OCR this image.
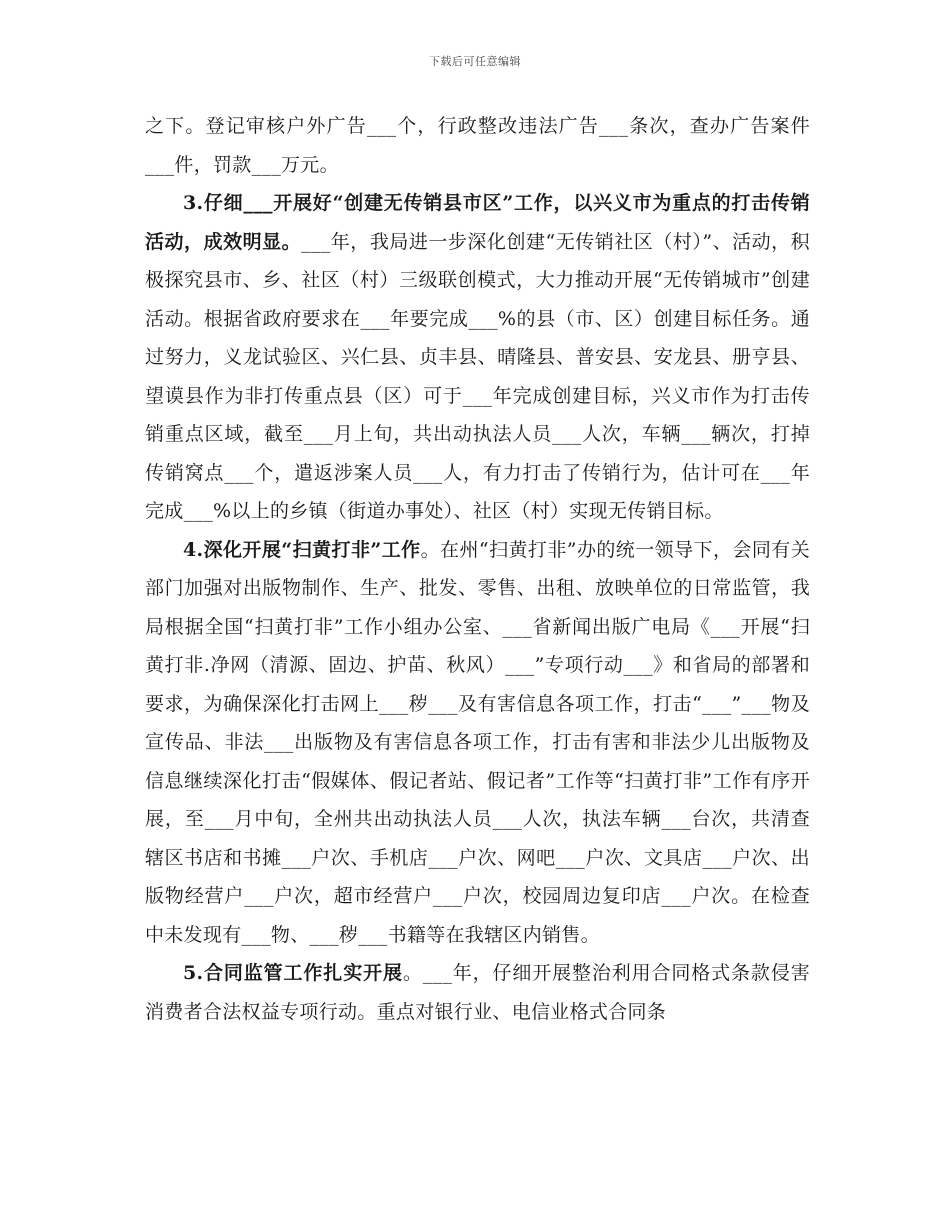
下载后可任意编辑

之下。登记审核户外广告___个，行政整改违法广告___条次，查办广告案件___件，罚款___万元。

3.仔细___开展好“创建无传销县市区”工作，以兴义市为重点的打击传销活动，成效明显。___年，我局进一步深化创建“无传销社区（村）”、活动，积极探究县市、乡、社区（村）三级联创模式，大力推动开展“无传销城市”创建活动。根据省政府要求在___年要完成___%的县（市、区）创建目标任务。通过努力，义龙试验区、兴仁县、贞丰县、晴隆县、普安县、安龙县、册亨县、望谟县作为非打传重点县（区）可于___年完成创建目标，兴义市作为打击传销重点区域，截至___月上旬，共出动执法人员___人次，车辆___辆次，打掉传销窝点___个，遣返涉案人员___人，有力打击了传销行为，估计可在___年完成___%以上的乡镇（街道办事处）、社区（村）实现无传销目标。

4.深化开展“扫黄打非”工作。在州“扫黄打非”办的统一领导下，会同有关部门加强对出版物制作、生产、批发、零售、出租、放映单位的日常监管，我局根据全国“扫黄打非”工作小组办公室、___省新闻出版广电局《___开展“扫黄打非.净网（清源、固边、护苗、秋风）___”专项行动___》和省局的部署和要求，为确保深化打击网上___秽___及有害信息各项工作，打击“___”___物及宣传品、非法___出版物及有害信息各项工作，打击有害和非法少儿出版物及信息继续深化打击“假媒体、假记者站、假记者”工作等“扫黄打非”工作有序开展，至___月中旬，全州共出动执法人员___人次，执法车辆___台次，共清查辖区书店和书摊___户次、手机店___户次、网吧___户次、文具店___户次、出版物经营户___户次，超市经营户___户次，校园周边复印店___户次。在检查中未发现有___物、___秽___书籍等在我辖区内销售。

5.合同监管工作扎实开展。___年，仔细开展整治利用合同格式条款侵害消费者合法权益专项行动。重点对银行业、电信业格式合同条
